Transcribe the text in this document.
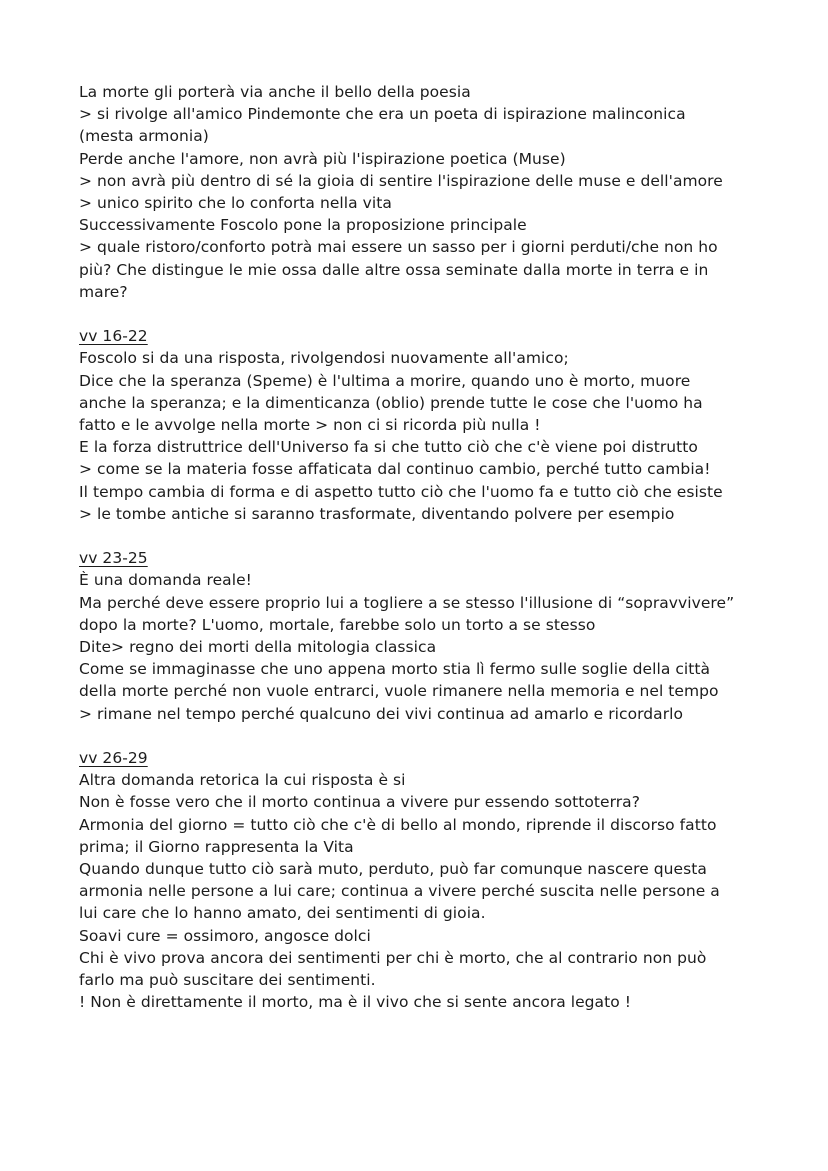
La morte gli porterà via anche il bello della poesia
> si rivolge all'amico Pindemonte che era un poeta di ispirazione malinconica
(mesta armonia)
Perde anche l'amore, non avrà più l'ispirazione poetica (Muse)
> non avrà più dentro di sé la gioia di sentire l'ispirazione delle muse e dell'amore
> unico spirito che lo conforta nella vita
Successivamente Foscolo pone la proposizione principale
> quale ristoro/conforto potrà mai essere un sasso per i giorni perduti/che non ho
più? Che distingue le mie ossa dalle altre ossa seminate dalla morte in terra e in
mare?
vv 16-22
Foscolo si da una risposta, rivolgendosi nuovamente all'amico;
Dice che la speranza (Speme) è l'ultima a morire, quando uno è morto, muore
anche la speranza; e la dimenticanza (oblio) prende tutte le cose che l'uomo ha
fatto e le avvolge nella morte > non ci si ricorda più nulla !
E la forza distruttrice dell'Universo fa si che tutto ciò che c'è viene poi distrutto
> come se la materia fosse affaticata dal continuo cambio, perché tutto cambia!
Il tempo cambia di forma e di aspetto tutto ciò che l'uomo fa e tutto ciò che esiste
> le tombe antiche si saranno trasformate, diventando polvere per esempio
vv 23-25
È una domanda reale!
Ma perché deve essere proprio lui a togliere a se stesso l'illusione di “sopravvivere”
dopo la morte? L'uomo, mortale, farebbe solo un torto a se stesso
Dite> regno dei morti della mitologia classica
Come se immaginasse che uno appena morto stia lì fermo sulle soglie della città
della morte perché non vuole entrarci, vuole rimanere nella memoria e nel tempo
> rimane nel tempo perché qualcuno dei vivi continua ad amarlo e ricordarlo
vv 26-29
Altra domanda retorica la cui risposta è si
Non è fosse vero che il morto continua a vivere pur essendo sottoterra?
Armonia del giorno = tutto ciò che c'è di bello al mondo, riprende il discorso fatto
prima; il Giorno rappresenta la Vita
Quando dunque tutto ciò sarà muto, perduto, può far comunque nascere questa
armonia nelle persone a lui care; continua a vivere perché suscita nelle persone a
lui care che lo hanno amato, dei sentimenti di gioia.
Soavi cure = ossimoro, angosce dolci
Chi è vivo prova ancora dei sentimenti per chi è morto, che al contrario non può
farlo ma può suscitare dei sentimenti.
! Non è direttamente il morto, ma è il vivo che si sente ancora legato !
